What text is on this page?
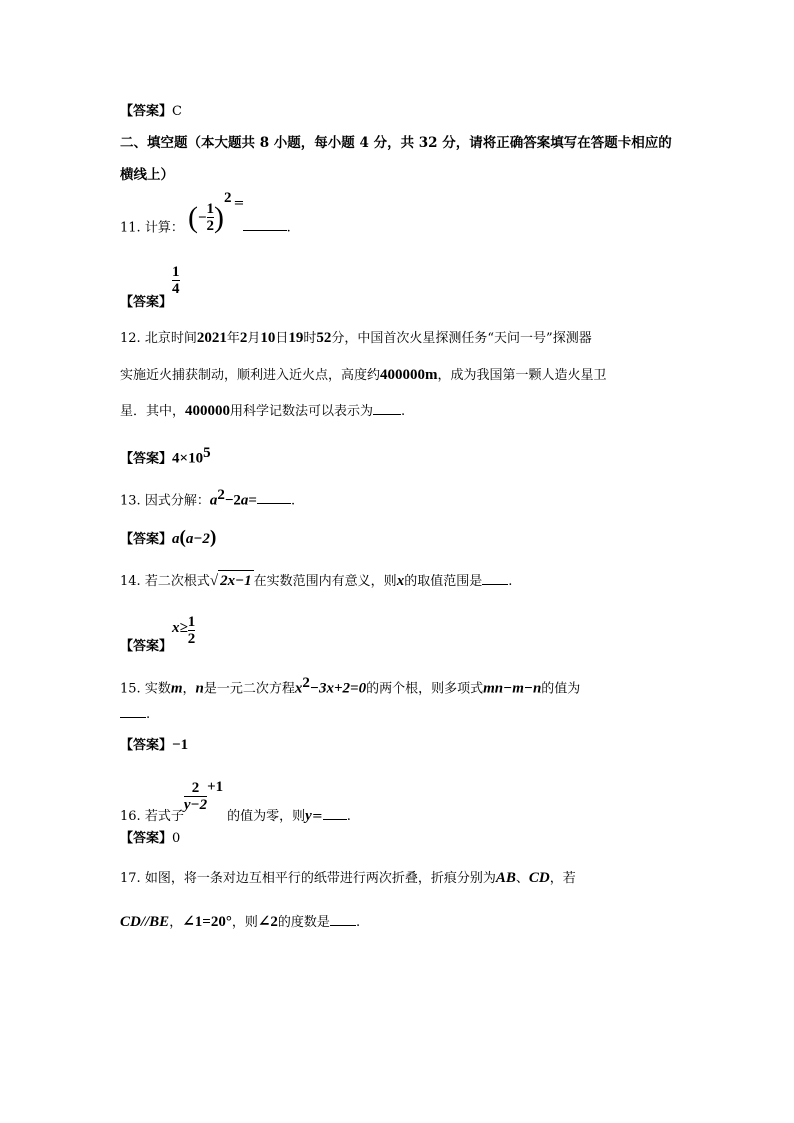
【答案】C
二、填空题（本大题共 8 小题，每小题 4 分，共 32 分，请将正确答案填写在答题卡相应的
横线上）
11. 计算： (− $\frac{1}{2} )^2$ = .
【答案】
$\frac{1}{4}$
12. 北京时间2021年2月10日19时52分，中国首次火星探测任务“天问一号”探测器
实施近火捕获制动，顺利进入近火点，高度约400000m，成为我国第一颗人造火星卫
星．其中，400000用科学记数法可以表示为 .
【答案】$4\times 10^5$
13. 因式分解：$a^2-2a=$	.
【答案】a(a−2)
14. 若二次根式√ 2x−1 在实数范围内有意义，则x的取值范围是 .
【答案】$x\ge \frac{1}{2}$
15. 实数m，n是一元二次方程$x^2-3x+2=0$的两个根，则多项式mn−m−n的值为
.
【答案】−1
16. 若式子
$\frac{2}{y-2} +1$的值为零，则y= .
【答案】0
17. 如图，将一条对边互相平行的纸带进行两次折叠，折痕分别为AB、CD，若
CD//BE，∠1=20°，则∠2的度数是 .
